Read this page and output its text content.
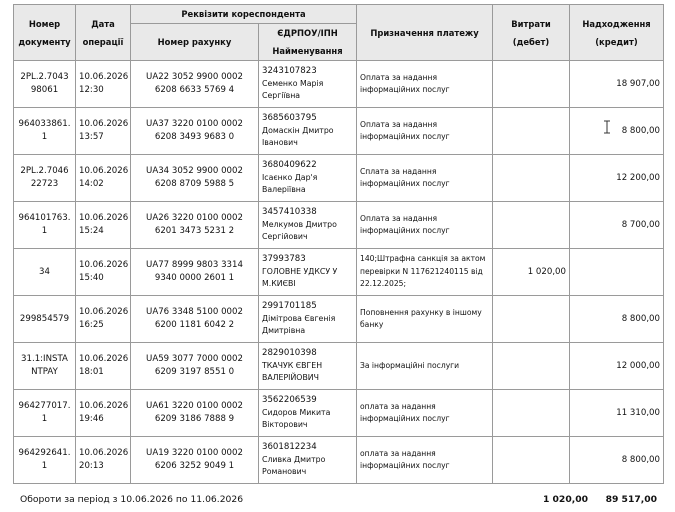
Номер документу	Дата операції	Реквізити кореспондента		Призначення платежу	Витрати (дебет)	Надходження (кредит)
		Номер рахунку	ЄДРПОУ/ІПН
Найменування			

2PL.2.7043 98061	10.06.2026 12:30	UA22 3052 9900 0002 6208 6633 5769 4	3243107823
Семенко Марія Сергіївна	Оплата за надання інформаційних послуг		18 907,00
964033861. 1	10.06.2026 13:57	UA37 3220 0100 0002 6208 3493 9683 0	3685603795
Домаскін Дмитро Іванович	Оплата за надання інформаційних послуг		8 800,00
2PL.2.7046 22723	10.06.2026 14:02	UA34 3052 9900 0002 6208 8709 5988 5	3680409622
Ісаєнко Дар'я Валеріївна	Сплата за надання інформаційних послуг		12 200,00
964101763. 1	10.06.2026 15:24	UA26 3220 0100 0002 6201 3473 5231 2	3457410338
Мелкумов Дмитро Сергійович	Оплата за надання інформаційних послуг		8 700,00
34	10.06.2026 15:40	UA77 8999 9803 3314 9340 0000 2601 1	37993783
ГОЛОВНЕ УДКСУ У М.КИЄВІ	140;Штрафна санкція за актом перевірки N 117621240115 від 22.12.2025;	1 020,00	
299854579	10.06.2026 16:25	UA76 3348 5100 0002 6200 1181 6042 2	2991701185
Дімітрова Євгенія Дмитрівна	Поповнення рахунку в іншому банку		8 800,00
31.1:INSTA NTPAY	10.06.2026 18:01	UA59 3077 7000 0002 6209 3197 8551 0	2829010398
ТКАЧУК ЄВГЕН ВАЛЕРІЙОВИЧ	За інформаційні послуги		12 000,00
964277017. 1	10.06.2026 19:46	UA61 3220 0100 0002 6209 3186 7888 9	3562206539
Сидоров Микита Вікторович	оплата за надання інформаційних послуг		11 310,00
964292641. 1	10.06.2026 20:13	UA19 3220 0100 0002 6206 3252 9049 1	3601812234
Сливка Дмитро Романович	оплата за надання інформаційних послуг		8 800,00
Обороти за період з 10.06.2026 по 11.06.2026	1 020,00 89 517,00
